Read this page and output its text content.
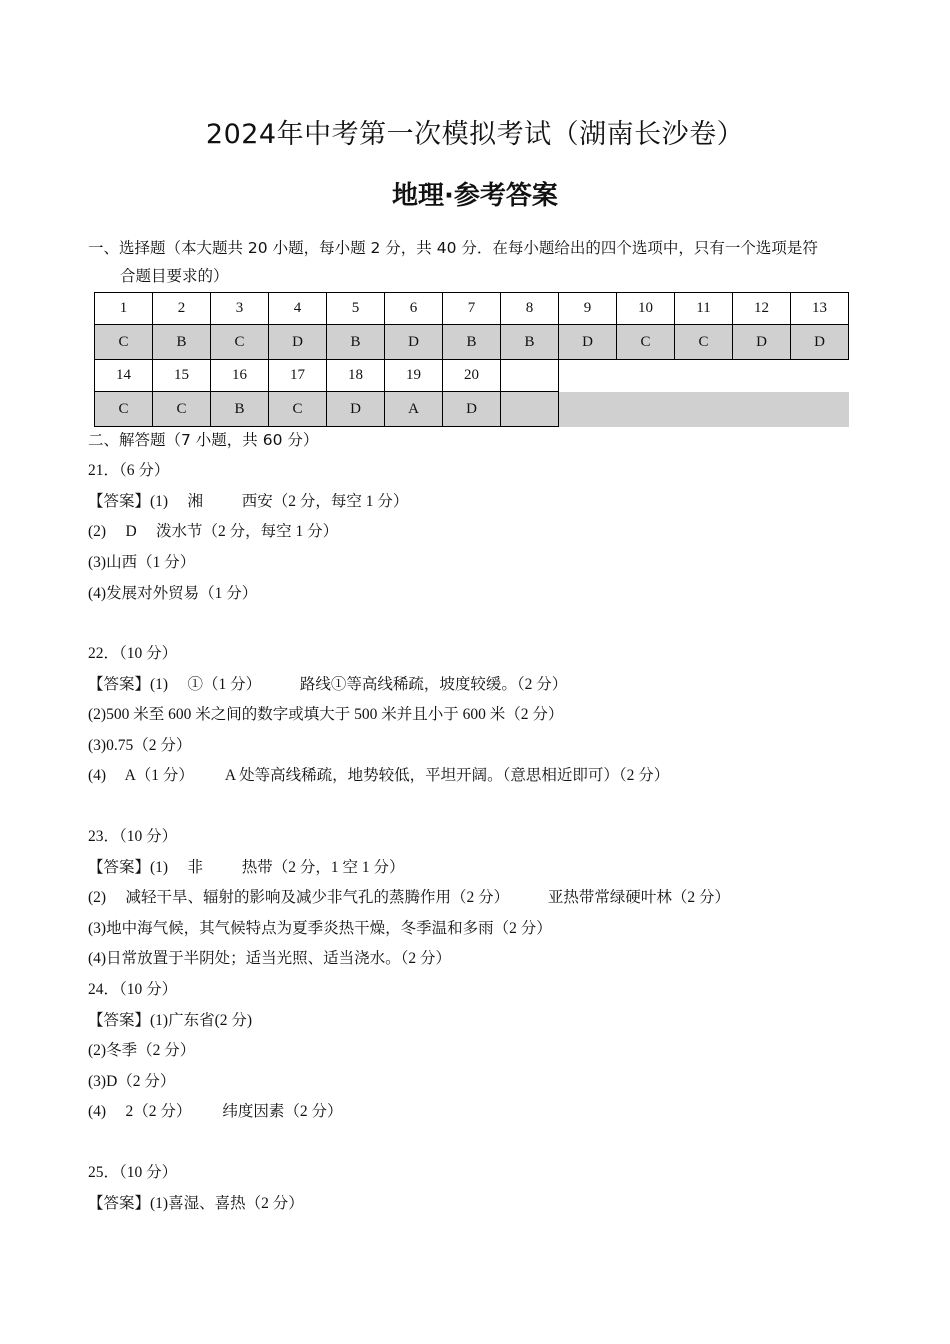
2024年中考第一次模拟考试（湖南长沙卷）
地理·参考答案
一、选择题（本大题共 20 小题，每小题 2 分，共 40 分．在每小题给出的四个选项中，只有一个选项是符
合题目要求的）
1	2	3	4	5	6	7	8	9	10	11	12	13
C	B	C	D	B	D	B	B	D	C	C	D	D
14	15	16	17	18	19	20						
C	C	B	C	D	A	D						
二、解答题（7 小题，共 60 分）
21．（6 分）
【答案】(1)     湘          西安（2 分，每空 1 分）
(2)     D     泼水节（2 分，每空 1 分）
(3)山西（1 分）
(4)发展对外贸易（1 分）
22．（10 分）
【答案】(1)     ①（1 分）          路线①等高线稀疏，坡度较缓。（2 分）
(2)500 米至 600 米之间的数字或填大于 500 米并且小于 600 米（2 分）
(3)0.75（2 分）
(4)     A（1 分）        A 处等高线稀疏，地势较低，平坦开阔。（意思相近即可）（2 分）
23．（10 分）
【答案】(1)     非          热带（2 分，1 空 1 分）
(2)     减轻干旱、辐射的影响及减少非气孔的蒸腾作用（2 分）          亚热带常绿硬叶林（2 分）
(3)地中海气候，其气候特点为夏季炎热干燥，冬季温和多雨（2 分）
(4)日常放置于半阴处；适当光照、适当浇水。（2 分）
24．（10 分）
【答案】(1)广东省(2 分)
(2)冬季（2 分）
(3)D（2 分）
(4)     2（2 分）        纬度因素（2 分）
25．（10 分）
【答案】(1)喜湿、喜热（2 分）
